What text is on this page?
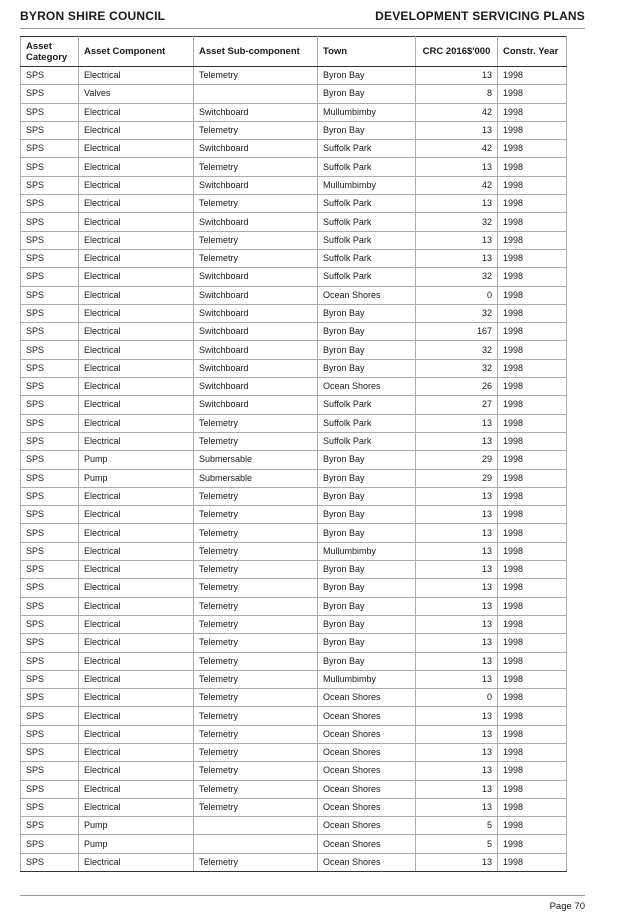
BYRON SHIRE COUNCIL	DEVELOPMENT SERVICING PLANS
Asset Category	Asset Component	Asset Sub-component	Town	CRC 2016$'000	Constr. Year
SPS	Electrical	Telemetry	Byron Bay	13	1998
SPS	Valves		Byron Bay	8	1998
SPS	Electrical	Switchboard	Mullumbimby	42	1998
SPS	Electrical	Telemetry	Byron Bay	13	1998
SPS	Electrical	Switchboard	Suffolk Park	42	1998
SPS	Electrical	Telemetry	Suffolk Park	13	1998
SPS	Electrical	Switchboard	Mullumbimby	42	1998
SPS	Electrical	Telemetry	Suffolk Park	13	1998
SPS	Electrical	Switchboard	Suffolk Park	32	1998
SPS	Electrical	Telemetry	Suffolk Park	13	1998
SPS	Electrical	Telemetry	Suffolk Park	13	1998
SPS	Electrical	Switchboard	Suffolk Park	32	1998
SPS	Electrical	Switchboard	Ocean Shores	0	1998
SPS	Electrical	Switchboard	Byron Bay	32	1998
SPS	Electrical	Switchboard	Byron Bay	167	1998
SPS	Electrical	Switchboard	Byron Bay	32	1998
SPS	Electrical	Switchboard	Byron Bay	32	1998
SPS	Electrical	Switchboard	Ocean Shores	26	1998
SPS	Electrical	Switchboard	Suffolk Park	27	1998
SPS	Electrical	Telemetry	Suffolk Park	13	1998
SPS	Electrical	Telemetry	Suffolk Park	13	1998
SPS	Pump	Submersable	Byron Bay	29	1998
SPS	Pump	Submersable	Byron Bay	29	1998
SPS	Electrical	Telemetry	Byron Bay	13	1998
SPS	Electrical	Telemetry	Byron Bay	13	1998
SPS	Electrical	Telemetry	Byron Bay	13	1998
SPS	Electrical	Telemetry	Mullumbimby	13	1998
SPS	Electrical	Telemetry	Byron Bay	13	1998
SPS	Electrical	Telemetry	Byron Bay	13	1998
SPS	Electrical	Telemetry	Byron Bay	13	1998
SPS	Electrical	Telemetry	Byron Bay	13	1998
SPS	Electrical	Telemetry	Byron Bay	13	1998
SPS	Electrical	Telemetry	Byron Bay	13	1998
SPS	Electrical	Telemetry	Mullumbimby	13	1998
SPS	Electrical	Telemetry	Ocean Shores	0	1998
SPS	Electrical	Telemetry	Ocean Shores	13	1998
SPS	Electrical	Telemetry	Ocean Shores	13	1998
SPS	Electrical	Telemetry	Ocean Shores	13	1998
SPS	Electrical	Telemetry	Ocean Shores	13	1998
SPS	Electrical	Telemetry	Ocean Shores	13	1998
SPS	Electrical	Telemetry	Ocean Shores	13	1998
SPS	Pump		Ocean Shores	5	1998
SPS	Pump		Ocean Shores	5	1998
SPS	Electrical	Telemetry	Ocean Shores	13	1998
Page 70
